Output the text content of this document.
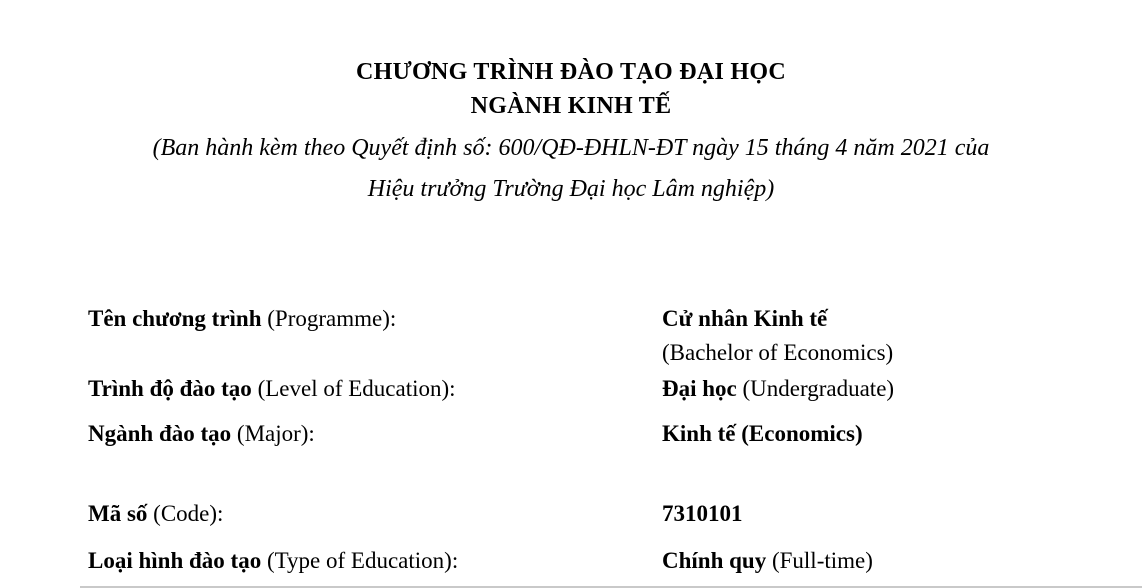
CHƯƠNG TRÌNH ĐÀO TẠO ĐẠI HỌC
NGÀNH KINH TẾ
(Ban hành kèm theo Quyết định số: 600/QĐ-ĐHLN-ĐT ngày 15 tháng 4 năm 2021 của
Hiệu trưởng Trường Đại học Lâm nghiệp)
Tên chương trình (Programme):	Cử nhân Kinh tế
(Bachelor of Economics)
Trình độ đào tạo (Level of Education):	Đại học (Undergraduate)
Ngành đào tạo (Major):	Kinh tế (Economics)
Mã số (Code):	7310101
Loại hình đào tạo (Type of Education):	Chính quy (Full-time)
